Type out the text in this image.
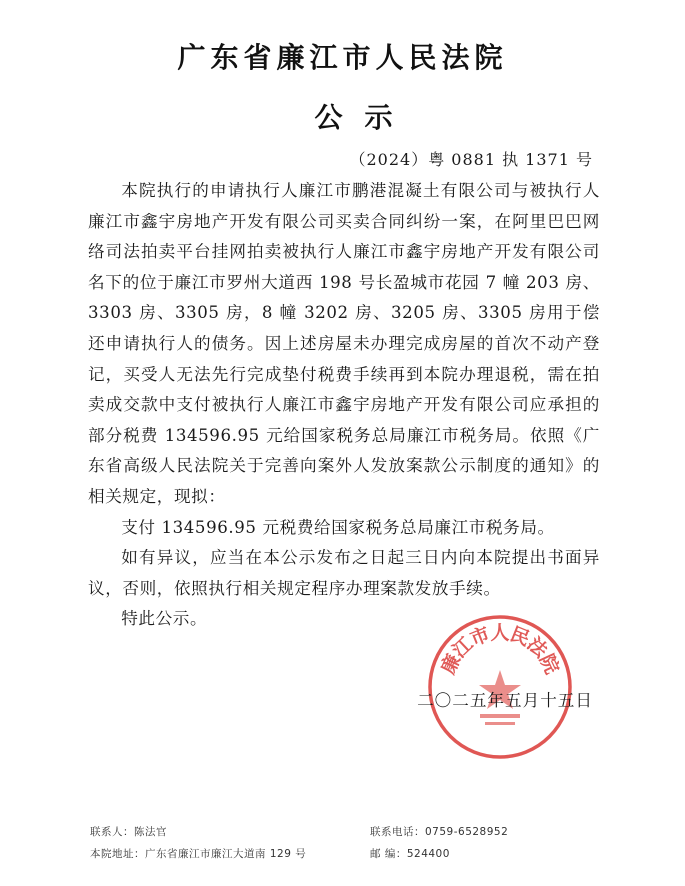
广东省廉江市人民法院
公示
（2024）粤 0881 执 1371 号

本院执行的申请执行人廉江市鹏港混凝土有限公司与被执行人廉江市鑫宇房地产开发有限公司买卖合同纠纷一案，在阿里巴巴网络司法拍卖平台挂网拍卖被执行人廉江市鑫宇房地产开发有限公司名下的位于廉江市罗州大道西 198 号长盈城市花园 7 幢 203 房、3303 房、3305 房，8 幢 3202 房、3205 房、3305 房用于偿还申请执行人的债务。因上述房屋未办理完成房屋的首次不动产登记，买受人无法先行完成垫付税费手续再到本院办理退税，需在拍卖成交款中支付被执行人廉江市鑫宇房地产开发有限公司应承担的部分税费 134596.95 元给国家税务总局廉江市税务局。依照《广东省高级人民法院关于完善向案外人发放案款公示制度的通知》的相关规定，现拟：

支付 134596.95 元税费给国家税务总局廉江市税务局。

如有异议，应当在本公示发布之日起三日内向本院提出书面异议，否则，依照执行相关规定程序办理案款发放手续。

特此公示。

廉
江
市
人
民
法
院
二〇二五年五月十五日
联系人：陈法官	联系电话：0759-6528952
本院地址：广东省廉江市廉江大道南 129 号	邮 编：524400
